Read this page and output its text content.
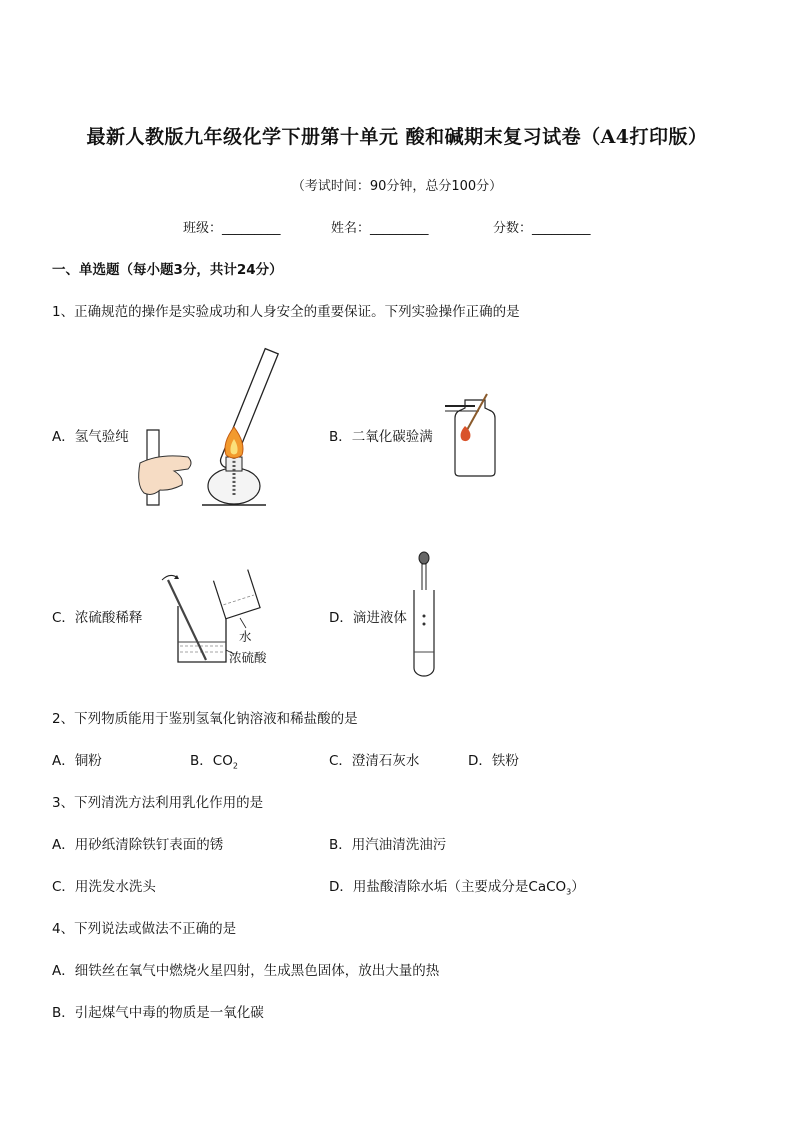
最新人教版九年级化学下册第十单元 酸和碱期末复习试卷（A4打印版）
（考试时间：90分钟，总分100分）
班级：_________	姓名：_________	分数：_________
一、单选题（每小题3分，共计24分）
1、正确规范的操作是实验成功和人身安全的重要保证。下列实验操作正确的是
A．氢气验纯	B．二氧化碳验满
C．浓硫酸稀释	D．滴进液体
水
浓硫酸
2、下列物质能用于鉴别氢氧化钠溶液和稀盐酸的是
A．铜粉	B．$CO_2$	C．澄清石灰水	D．铁粉
3、下列清洗方法利用乳化作用的是
A．用砂纸清除铁钉表面的锈	B．用汽油清洗油污
C．用洗发水洗头	D．用盐酸清除水垢（主要成分是CaCO$_3$）
4、下列说法或做法不正确的是
A．细铁丝在氧气中燃烧火星四射，生成黑色固体，放出大量的热
B．引起煤气中毒的物质是一氧化碳
